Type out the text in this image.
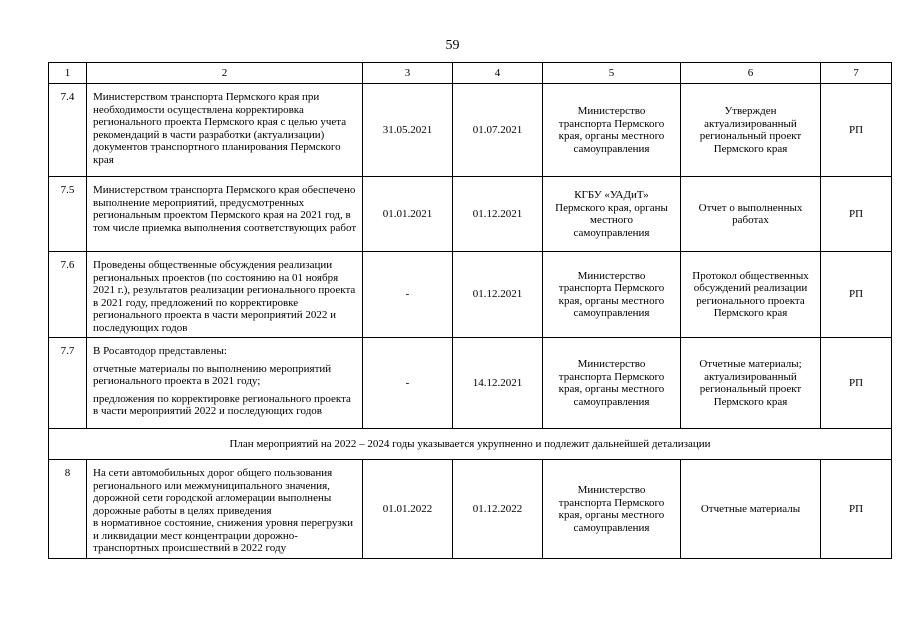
59
1	2	3	4	5	6	7
7.4	Министерством транспорта Пермского края при необходимости осуществлена корректировка регионального проекта Пермского края с целью учета рекомендаций в части разработки (актуализации) документов транспортного планирования Пермского края	31.05.2021	01.07.2021	Министерство транспорта Пермского края, органы местного самоуправления	Утвержден актуализированный региональный проект Пермского края	РП
7.5	Министерством транспорта Пермского края обеспечено выполнение мероприятий, предусмотренных региональным проектом Пермского края на 2021 год, в том числе приемка выполнения соответствующих работ	01.01.2021	01.12.2021	КГБУ «УАДиТ» Пермского края, органы местного самоуправления	Отчет о выполненных работах	РП
7.6	Проведены общественные обсуждения реализации региональных проектов (по состоянию на 01 ноября 2021 г.), результатов реализации регионального проекта в 2021 году, предложений по корректировке регионального проекта в части мероприятий 2022 и последующих годов	-	01.12.2021	Министерство транспорта Пермского края, органы местного самоуправления	Протокол общественных обсуждений реализации регионального проекта Пермского края	РП
7.7	В Росавтодор представлены:

отчетные материалы по выполнению мероприятий регионального проекта в 2021 году;

предложения по корректировке регионального проекта в части мероприятий 2022 и последующих годов	-	14.12.2021	Министерство транспорта Пермского края, органы местного самоуправления	Отчетные материалы; актуализированный региональный проект Пермского края	РП
План мероприятий на 2022 – 2024 годы указывается укрупненно и подлежит дальнейшей детализации						
8	На сети автомобильных дорог общего пользования регионального или межмуниципального значения, дорожной сети городской агломерации выполнены дорожные работы в целях приведения

в нормативное состояние, снижения уровня перегрузки и ликвидации мест концентрации дорожно-транспортных происшествий в 2022 году	01.01.2022	01.12.2022	Министерство транспорта Пермского края, органы местного самоуправления	Отчетные материалы	РП
